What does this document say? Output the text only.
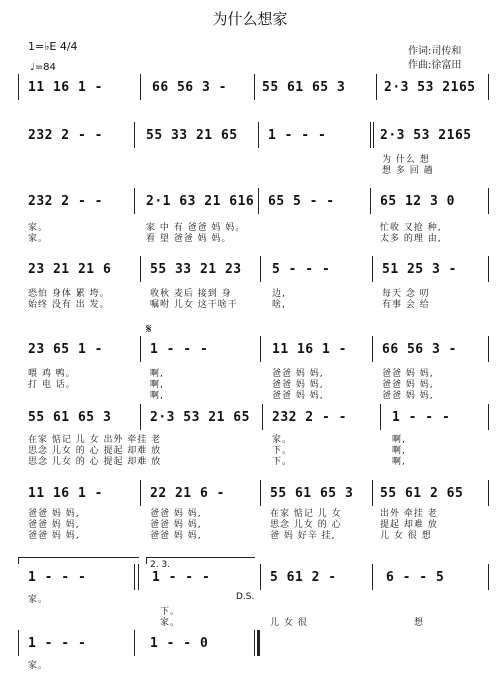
为什么想家
1=♭E 4/4
♩=84
作词:司传和
作曲:徐富田
11 16 1 -	66 56 3 -	55 61 65 3	2·3 53 2165
232 2 - -	55 33 21 65 1 - - -	2·3 53 2165
为 什么 想
想 多 回 趟
232 2 - -	2·1 63 21 616 65 5 - -	65 12 3 0
家。	家 中 有 爸爸 妈 妈。	忙收 又抢 种,
家。	看 望 爸爸 妈 妈。	太多 的理 由,
23 21 21 6	55 33 21 23 5 - - -	51 25 3 -
恐怕 身体 累 垮。	收秋 麦后 接到 身	边,	每天 念 叨
始终 没有 出 发。	嘱咐 儿女 这干啥干	啥,	有事 会 给
𝄋
23 65 1 -	1 - - -	11 16 1 -	66 56 3 -
喂 鸡 鸭。	啊,	爸爸 妈 妈,	爸爸 妈 妈,
打 电 话。	啊,	爸爸 妈 妈,	爸爸 妈 妈,
啊,	爸爸 妈 妈,	爸爸 妈 妈,
55 61 65 3	2·3 53 21 65 232 2 - -	1 - - -
在家 惦记 儿 女 出外 牵挂 老	家。	啊,
思念 儿女 的 心 提起 却难 放	下。	啊,
思念 儿女 的 心 提起 却难 放	下。	啊,
11 16 1 -	22 21 6 -	55 61 65 3 55 61 2 65
爸爸 妈 妈,	爸爸 妈 妈,	在家 惦记 儿 女	出外 牵挂 老
爸爸 妈 妈,	爸爸 妈 妈,	思念 儿女 的 心	提起 却难 放
爸爸 妈 妈,	爸爸 妈 妈,	爸 妈 好辛 挂,	儿 女 很 想
2. 3.
1 - - -	1 - - -	5 61 2 -	6 - - 5
D.S.
家。
下。
家。	儿 女 很	想
1 - - -	1 - - 0
家。
